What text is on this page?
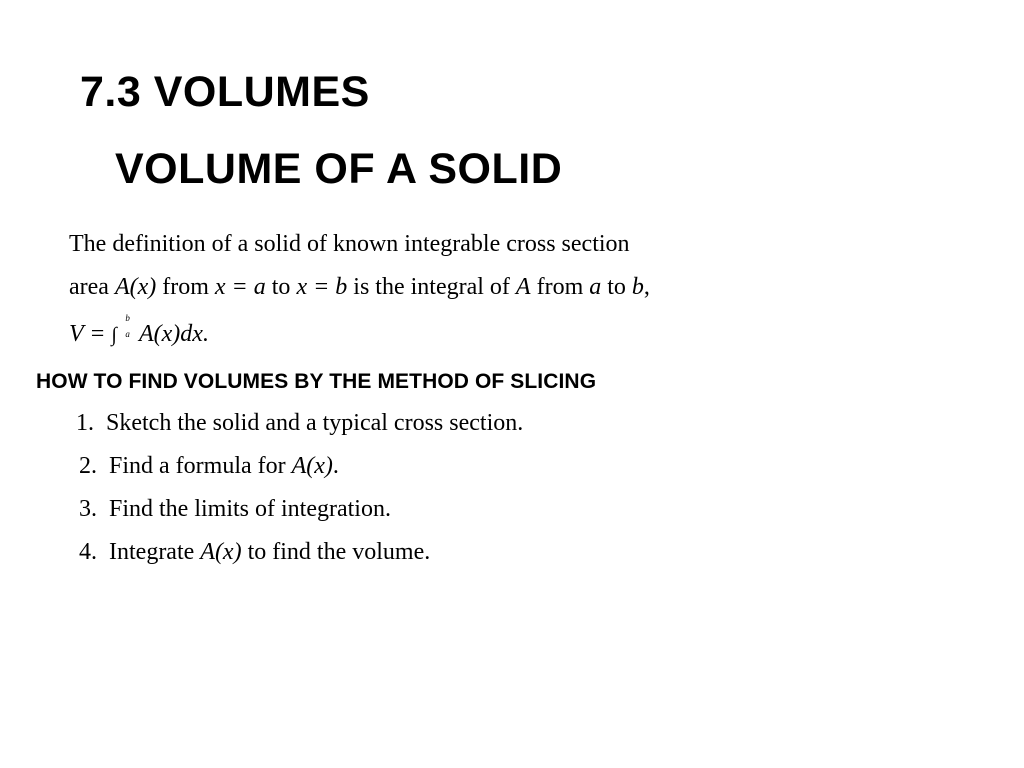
7.3 VOLUMES
VOLUME OF A SOLID
The definition of a solid of known integrable cross section
area A(x) from x = a to x = b is the integral of A from a to b,
V = ∫
b
a A(x)dx.
HOW TO FIND VOLUMES BY THE METHOD OF SLICING
1. Sketch the solid and a typical cross section.
2. Find a formula for A(x).
3. Find the limits of integration.
4. Integrate A(x) to find the volume.
